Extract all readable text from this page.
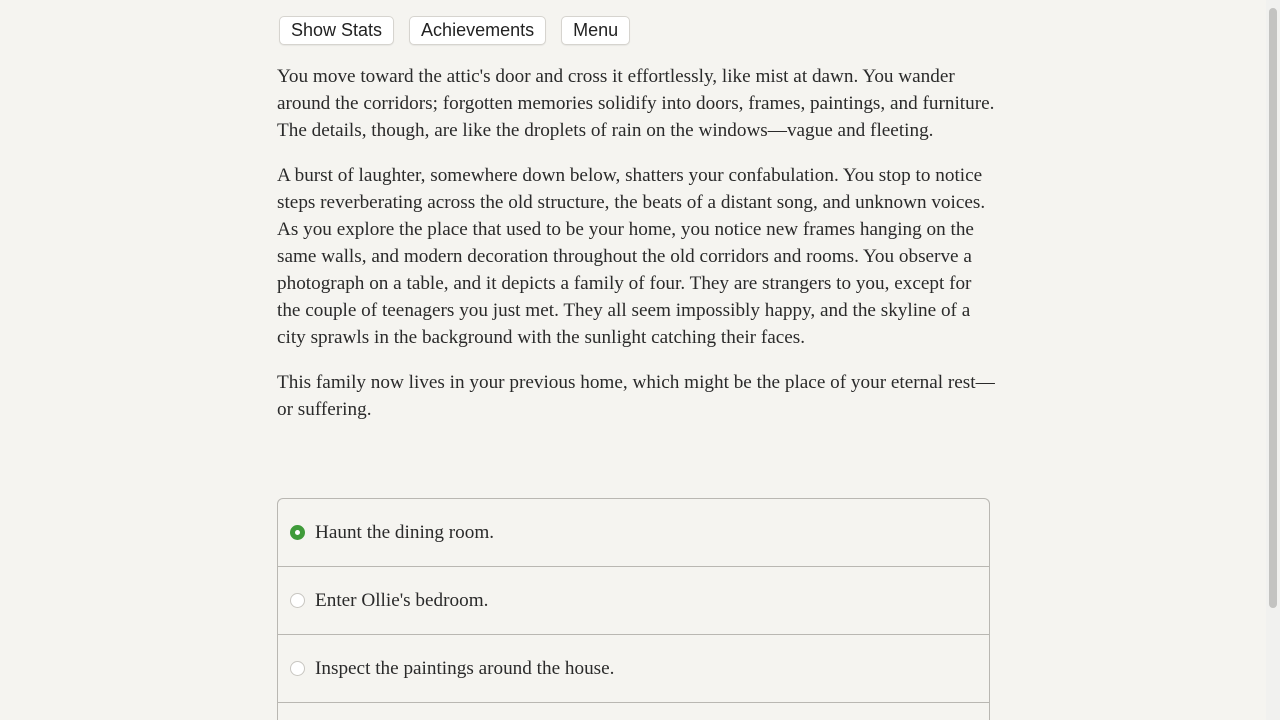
Show Stats	Achievements	Menu

You move toward the attic's door and cross it effortlessly, like mist at dawn. You wander around the corridors; forgotten memories solidify into doors, frames, paintings, and furniture. The details, though, are like the droplets of rain on the windows—vague and fleeting.

A burst of laughter, somewhere down below, shatters your confabulation. You stop to notice steps reverberating across the old structure, the beats of a distant song, and unknown voices. As you explore the place that used to be your home, you notice new frames hanging on the same walls, and modern decoration throughout the old corridors and rooms. You observe a photograph on a table, and it depicts a family of four. They are strangers to you, except for the couple of teenagers you just met. They all seem impossibly happy, and the skyline of a city sprawls in the background with the sunlight catching their faces.

This family now lives in your previous home, which might be the place of your eternal rest—or suffering.

Haunt the dining room.
Enter Ollie's bedroom.
Inspect the paintings around the house.
